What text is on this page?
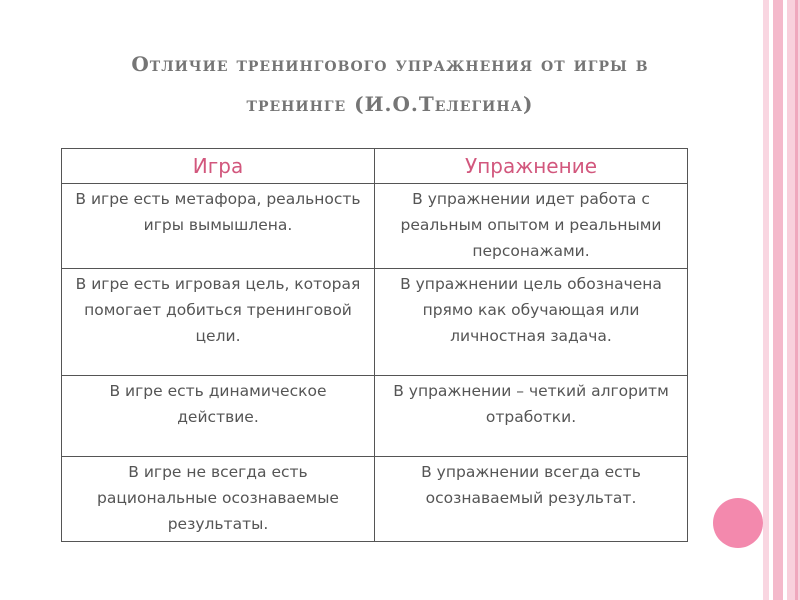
Отличие тренингового упражнения от игры в
тренинге (И.О.Телегина)
Игра	Упражнение
В игре есть метафора, реальность игры вымышлена.	В упражнении идет работа с реальным опытом и реальными персонажами.
В игре есть игровая цель, которая помогает добиться тренинговой цели.	В упражнении цель обозначена прямо как обучающая или личностная задача.
В игре есть динамическое действие.	В упражнении – четкий алгоритм отработки.
В игре не всегда есть рациональные осознаваемые результаты.	В упражнении всегда есть осознаваемый результат.
